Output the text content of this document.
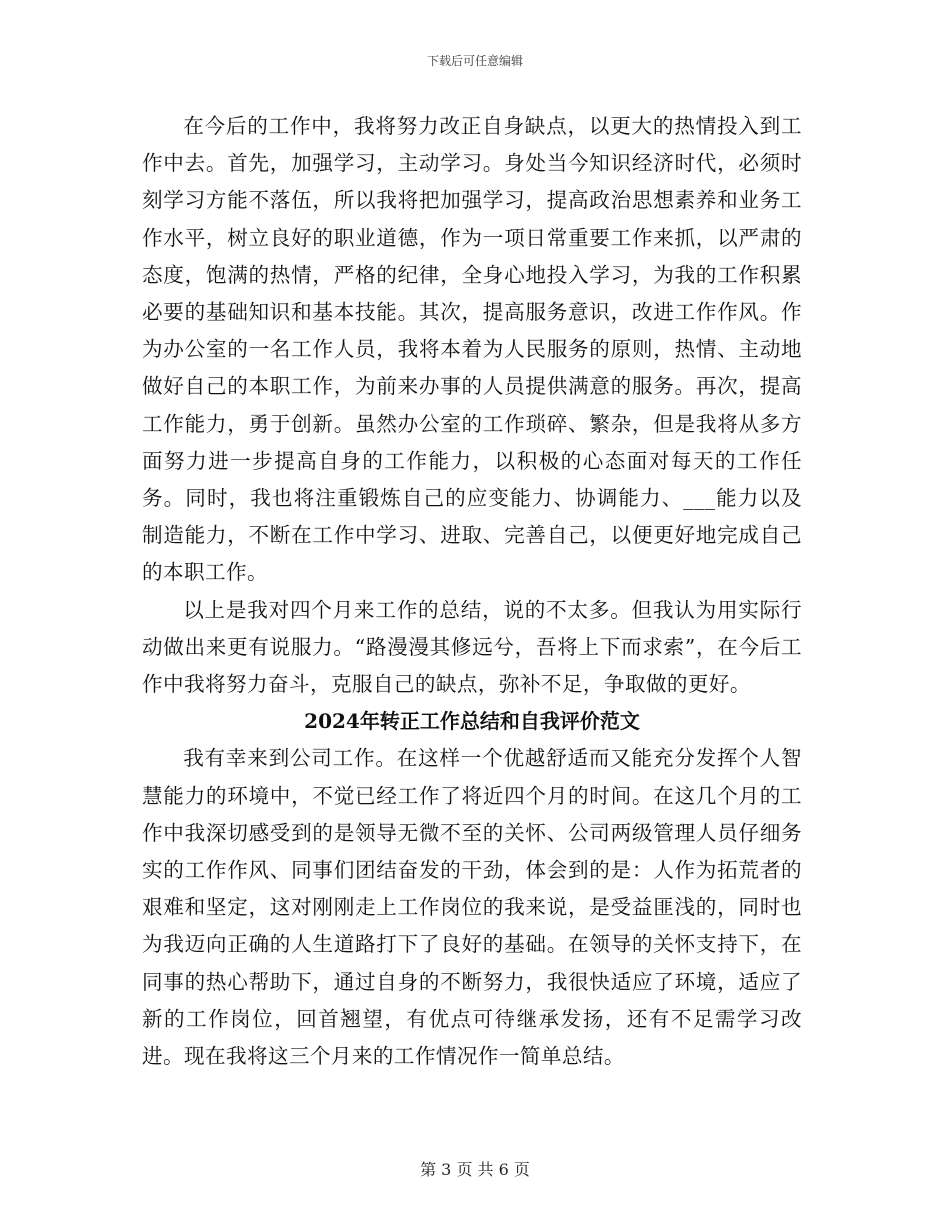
下载后可任意编辑

在今后的工作中，我将努力改正自身缺点，以更大的热情投入到工作中去。首先，加强学习，主动学习。身处当今知识经济时代，必须时刻学习方能不落伍，所以我将把加强学习，提高政治思想素养和业务工作水平，树立良好的职业道德，作为一项日常重要工作来抓，以严肃的态度，饱满的热情，严格的纪律，全身心地投入学习，为我的工作积累必要的基础知识和基本技能。其次，提高服务意识，改进工作作风。作为办公室的一名工作人员，我将本着为人民服务的原则，热情、主动地做好自己的本职工作，为前来办事的人员提供满意的服务。再次，提高工作能力，勇于创新。虽然办公室的工作琐碎、繁杂，但是我将从多方面努力进一步提高自身的工作能力，以积极的心态面对每天的工作任务。同时，我也将注重锻炼自己的应变能力、协调能力、___能力以及制造能力，不断在工作中学习、进取、完善自己，以便更好地完成自己的本职工作。

以上是我对四个月来工作的总结，说的不太多。但我认为用实际行动做出来更有说服力。“路漫漫其修远兮，吾将上下而求索”，在今后工作中我将努力奋斗，克服自己的缺点，弥补不足，争取做的更好。

2024年转正工作总结和自我评价范文

我有幸来到公司工作。在这样一个优越舒适而又能充分发挥个人智慧能力的环境中，不觉已经工作了将近四个月的时间。在这几个月的工作中我深切感受到的是领导无微不至的关怀、公司两级管理人员仔细务实的工作作风、同事们团结奋发的干劲，体会到的是：人作为拓荒者的艰难和坚定，这对刚刚走上工作岗位的我来说，是受益匪浅的，同时也为我迈向正确的人生道路打下了良好的基础。在领导的关怀支持下，在同事的热心帮助下，通过自身的不断努力，我很快适应了环境，适应了新的工作岗位，回首翘望，有优点可待继承发扬，还有不足需学习改进。现在我将这三个月来的工作情况作一简单总结。

第 3 页 共 6 页
